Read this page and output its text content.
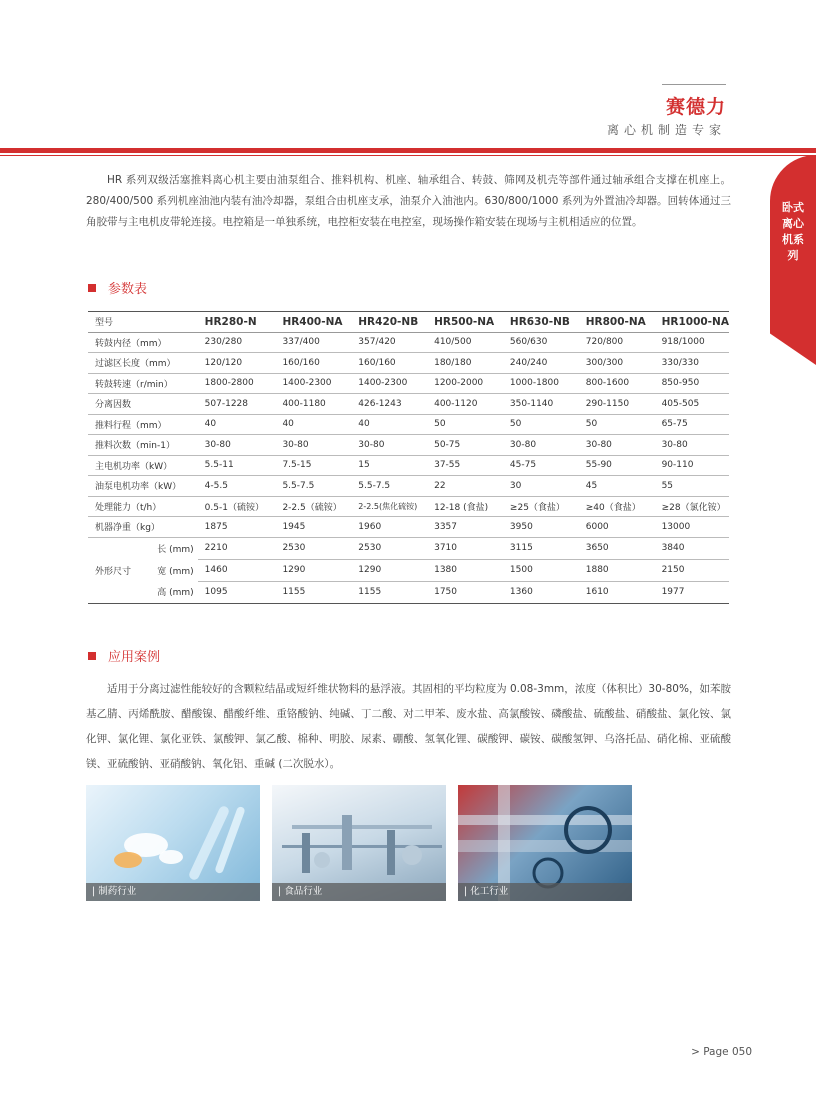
赛德力
离心机制造专家
卧式离心机系列

HR 系列双级活塞推料离心机主要由油泵组合、推料机构、机座、轴承组合、转鼓、筛网及机壳等部件通过轴承组合支撑在机座上。280/400/500 系列机座油池内装有油冷却器，泵组合由机座支承，油泵介入油池内。630/800/1000 系列为外置油冷却器。回转体通过三角胶带与主电机皮带轮连接。电控箱是一单独系统，电控柜安装在电控室，现场操作箱安装在现场与主机相适应的位置。

参数表
型号	HR280-N	HR400-NA	HR420-NB	HR500-NA	HR630-NB	HR800-NA	HR1000-NA
转鼓内径（mm）	230/280	337/400	357/420	410/500	560/630	720/800	918/1000
过滤区长度（mm）	120/120	160/160	160/160	180/180	240/240	300/300	330/330
转鼓转速（r/min）	1800-2800	1400-2300	1400-2300	1200-2000	1000-1800	800-1600	850-950
分离因数	507-1228	400-1180	426-1243	400-1120	350-1140	290-1150	405-505
推料行程（mm）	40	40	40	50	50	50	65-75
推料次数（min-1）	30-80	30-80	30-80	50-75	30-80	30-80	30-80
主电机功率（kW）	5.5-11	7.5-15	15	37-55	45-75	55-90	90-110
油泵电机功率（kW）	4-5.5	5.5-7.5	5.5-7.5	22	30	45	55
处理能力（t/h）	0.5-1（硫铵）	2-2.5（硫铵）	2-2.5(焦化硫铵)	12-18 (食盐)	≥25（食盐）	≥40（食盐）	≥28（氯化铵）
机器净重（kg）	1875	1945	1960	3357	3950	6000	13000

长 (mm)	2210	2530	2530	3710	3115	3650	3840

外形尺寸 宽 (mm)	1460	1290	1290	1380	1500	1880	2150

高 (mm)	1095	1155	1155	1750	1360	1610	1977
应用案例

适用于分离过滤性能较好的含颗粒结晶或短纤维状物料的悬浮液。其固相的平均粒度为 0.08-3mm，浓度（体积比）30-80%，如苯胺基乙腈、丙烯酰胺、醋酸镍、醋酸纤维、重铬酸钠、纯碱、丁二酸、对二甲苯、废水盐、高氯酸铵、磷酸盐、硫酸盐、硝酸盐、氯化铵、氯化钾、氯化锂、氯化亚铁、氯酸钾、氯乙酸、棉种、明胶、尿素、硼酸、氢氧化锂、碳酸钾、碳铵、碳酸氢钾、乌洛托品、硝化棉、亚硫酸镁、亚硫酸钠、亚硝酸钠、氧化铝、重碱 (二次脱水）。

| 制药行业	| 食品行业	| 化工行业
> Page 050
